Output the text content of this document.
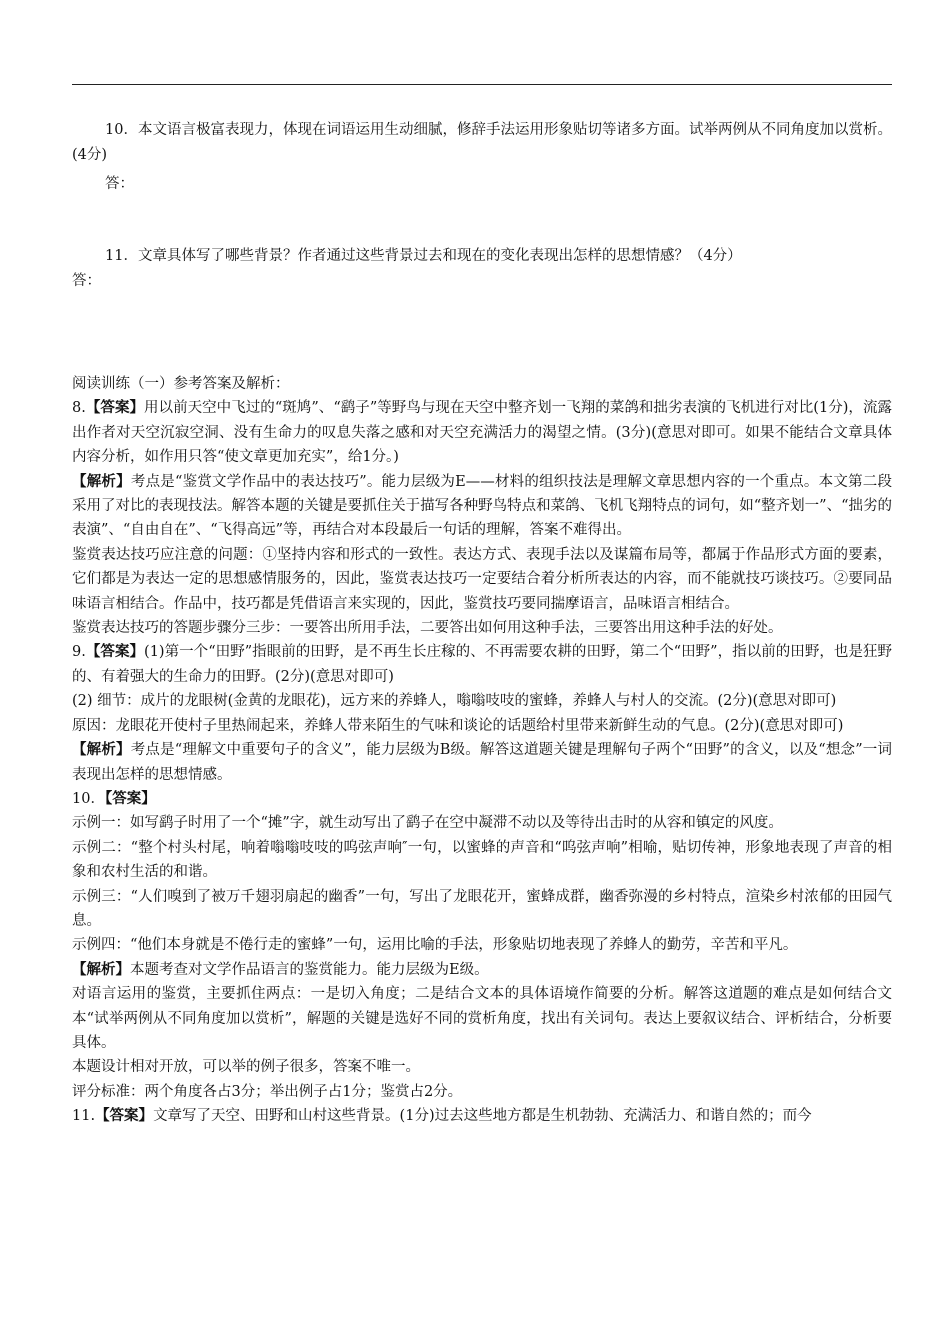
10．本文语言极富表现力，体现在词语运用生动细腻，修辞手法运用形象贴切等诸多方面。试举两例从不同角度加以赏析。(4分)
答：
11．文章具体写了哪些背景？作者通过这些背景过去和现在的变化表现出怎样的思想情感？（4分）
答：

阅读训练（一）参考答案及解析：

8.【答案】用以前天空中飞过的“斑鸠”、“鹞子”等野鸟与现在天空中整齐划一飞翔的菜鸽和拙劣表演的飞机进行对比(1分)，流露出作者对天空沉寂空洞、没有生命力的叹息失落之感和对天空充满活力的渴望之情。(3分)(意思对即可。如果不能结合文章具体内容分析，如作用只答“使文章更加充实”，给1分。)

【解析】考点是“鉴赏文学作品中的表达技巧”。能力层级为E——材料的组织技法是理解文章思想内容的一个重点。本文第二段采用了对比的表现技法。解答本题的关键是要抓住关于描写各种野鸟特点和菜鸽、飞机飞翔特点的词句，如“整齐划一”、“拙劣的表演”、“自由自在”、“飞得高远”等，再结合对本段最后一句话的理解，答案不难得出。

鉴赏表达技巧应注意的问题：①坚持内容和形式的一致性。表达方式、表现手法以及谋篇布局等，都属于作品形式方面的要素，它们都是为表达一定的思想感情服务的，因此，鉴赏表达技巧一定要结合着分析所表达的内容，而不能就技巧谈技巧。②要同品味语言相结合。作品中，技巧都是凭借语言来实现的，因此，鉴赏技巧要同揣摩语言，品味语言相结合。

鉴赏表达技巧的答题步骤分三步：一要答出所用手法，二要答出如何用这种手法，三要答出用这种手法的好处。

9.【答案】(1)第一个“田野”指眼前的田野，是不再生长庄稼的、不再需要农耕的田野，第二个“田野”，指以前的田野，也是狂野的、有着强大的生命力的田野。(2分)(意思对即可)

(2) 细节：成片的龙眼树(金黄的龙眼花)，远方来的养蜂人，嗡嗡吱吱的蜜蜂，养蜂人与村人的交流。(2分)(意思对即可)

原因：龙眼花开使村子里热闹起来，养蜂人带来陌生的气味和谈论的话题给村里带来新鲜生动的气息。(2分)(意思对即可)

【解析】考点是“理解文中重要句子的含义”，能力层级为B级。解答这道题关键是理解句子两个“田野”的含义，以及“想念”一词表现出怎样的思想情感。

10．【答案】

示例一：如写鹞子时用了一个“摊”字，就生动写出了鹞子在空中凝滞不动以及等待出击时的从容和镇定的风度。

示例二：“整个村头村尾，响着嗡嗡吱吱的呜弦声响″一句，以蜜蜂的声音和“呜弦声响”相喻，贴切传神，形象地表现了声音的相象和农村生活的和谐。

示例三：“人们嗅到了被万千翅羽扇起的幽香”一句，写出了龙眼花开，蜜蜂成群，幽香弥漫的乡村特点，渲染乡村浓郁的田园气息。

示例四：“他们本身就是不倦行走的蜜蜂”一句，运用比喻的手法，形象贴切地表现了养蜂人的勤劳，辛苦和平凡。

【解析】本题考查对文学作品语言的鉴赏能力。能力层级为E级。

对语言运用的鉴赏，主要抓住两点：一是切入角度；二是结合文本的具体语境作简要的分析。解答这道题的难点是如何结合文本“试举两例从不同角度加以赏析”，解题的关键是选好不同的赏析角度，找出有关词句。表达上要叙议结合、评析结合，分析要具体。

本题设计相对开放，可以举的例子很多，答案不唯一。

评分标准：两个角度各占3分；举出例子占1分；鉴赏占2分。

11.【答案】文章写了天空、田野和山村这些背景。(1分)过去这些地方都是生机勃勃、充满活力、和谐自然的；而今
